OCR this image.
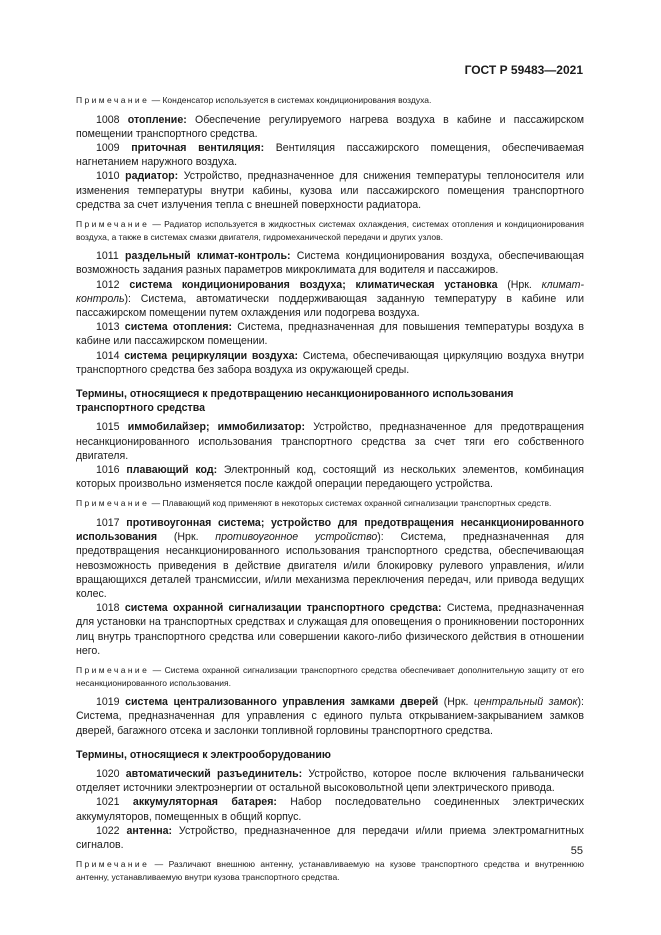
ГОСТ Р 59483—2021

Примечание — Конденсатор используется в системах кондиционирования воздуха.

1008 отопление: Обеспечение регулируемого нагрева воздуха в кабине и пассажирском помещении транспортного средства.

1009 приточная вентиляция: Вентиляция пассажирского помещения, обеспечиваемая нагнетанием наружного воздуха.

1010 радиатор: Устройство, предназначенное для снижения температуры теплоносителя или изменения температуры внутри кабины, кузова или пассажирского помещения транспортного средства за счет излучения тепла с внешней поверхности радиатора.

Примечание — Радиатор используется в жидкостных системах охлаждения, системах отопления и кондиционирования воздуха, а также в системах смазки двигателя, гидромеханической передачи и других узлов.

1011 раздельный климат-контроль: Система кондиционирования воздуха, обеспечивающая возможность задания разных параметров микроклимата для водителя и пассажиров.

1012 система кондиционирования воздуха; климатическая установка (Нрк. климат-контроль): Система, автоматически поддерживающая заданную температуру в кабине или пассажирском помещении путем охлаждения или подогрева воздуха.

1013 система отопления: Система, предназначенная для повышения температуры воздуха в кабине или пассажирском помещении.

1014 система рециркуляции воздуха: Система, обеспечивающая циркуляцию воздуха внутри транспортного средства без забора воздуха из окружающей среды.

Термины, относящиеся к предотвращению несанкционированного использования транспортного средства

1015 иммобилайзер; иммобилизатор: Устройство, предназначенное для предотвращения несанкционированного использования транспортного средства за счет тяги его собственного двигателя.

1016 плавающий код: Электронный код, состоящий из нескольких элементов, комбинация которых произвольно изменяется после каждой операции передающего устройства.

Примечание — Плавающий код применяют в некоторых системах охранной сигнализации транспортных средств.

1017 противоугонная система; устройство для предотвращения несанкционированного использования (Нрк. противоугонное устройство): Система, предназначенная для предотвращения несанкционированного использования транспортного средства, обеспечивающая невозможность приведения в действие двигателя и/или блокировку рулевого управления, и/или вращающихся деталей трансмиссии, и/или механизма переключения передач, или привода ведущих колес.

1018 система охранной сигнализации транспортного средства: Система, предназначенная для установки на транспортных средствах и служащая для оповещения о проникновении посторонних лиц внутрь транспортного средства или совершении какого-либо физического действия в отношении него.

Примечание — Система охранной сигнализации транспортного средства обеспечивает дополнительную защиту от его несанкционированного использования.

1019 система централизованного управления замками дверей (Нрк. центральный замок): Система, предназначенная для управления с единого пульта открыванием-закрыванием замков дверей, багажного отсека и заслонки топливной горловины транспортного средства.

Термины, относящиеся к электрооборудованию

1020 автоматический разъединитель: Устройство, которое после включения гальванически отделяет источники электроэнергии от остальной высоковольтной цепи электрического привода.

1021 аккумуляторная батарея: Набор последовательно соединенных электрических аккумуляторов, помещенных в общий корпус.

1022 антенна: Устройство, предназначенное для передачи и/или приема электромагнитных сигналов.

Примечание — Различают внешнюю антенну, устанавливаемую на кузове транспортного средства и внутреннюю антенну, устанавливаемую внутри кузова транспортного средства.

55
